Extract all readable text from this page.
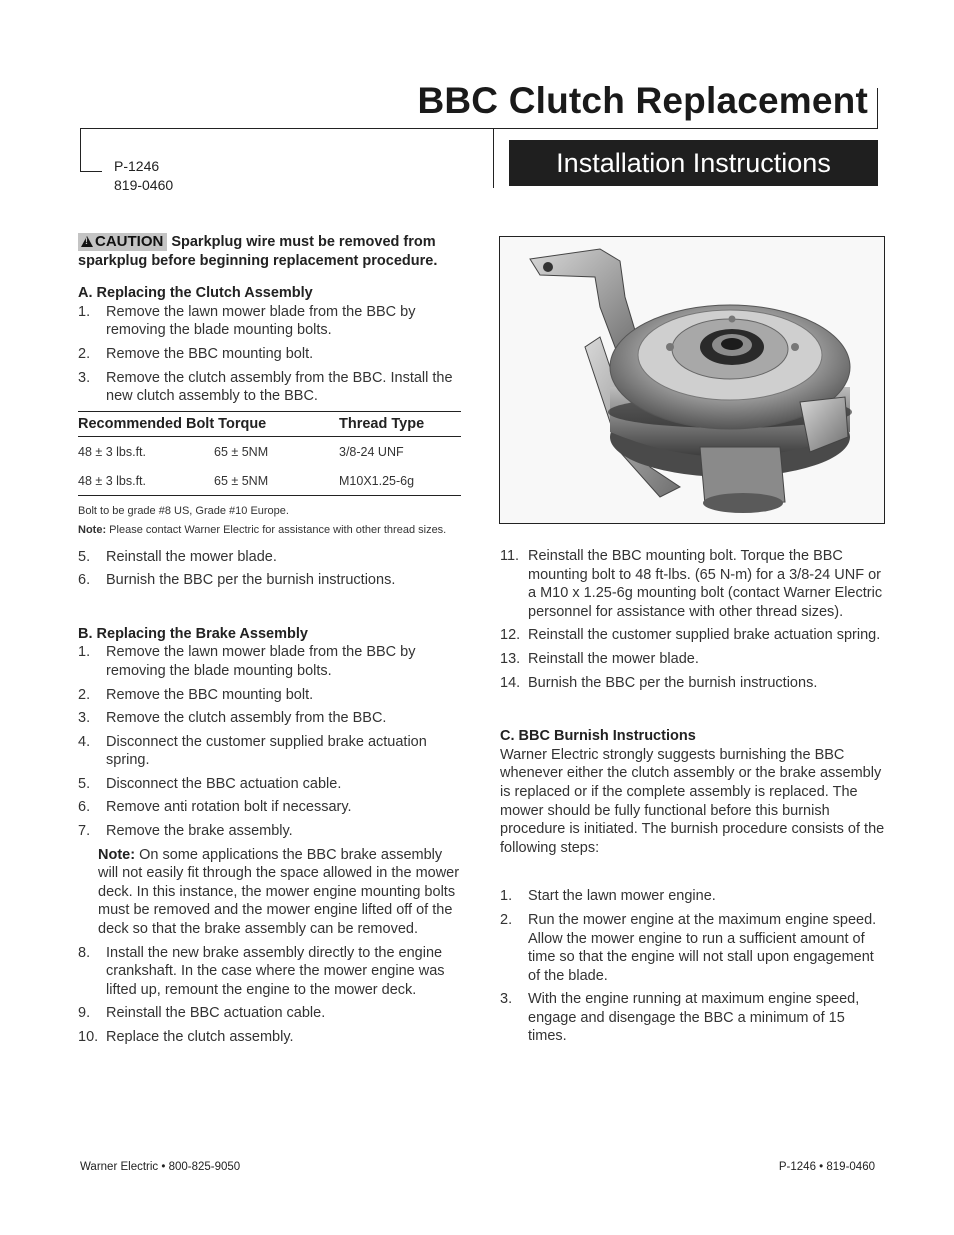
BBC Clutch Replacement
P-1246
819-0460
Installation Instructions
!CAUTION Sparkplug wire must be removed from sparkplug before beginning replacement procedure.
A. Replacing the Clutch Assembly
1. Remove the lawn mower blade from the BBC by removing the blade mounting bolts.
2. Remove the BBC mounting bolt.
3. Remove the clutch assembly from the BBC. Install the new clutch assembly to the BBC.
Recommended Bolt Torque		Thread Type
48 ± 3 lbs.ft.	65 ± 5NM	3/8-24 UNF
48 ± 3 lbs.ft.	65 ± 5NM	M10X1.25-6g
Bolt to be grade #8 US, Grade #10 Europe.
Note: Please contact Warner Electric for assistance with other thread sizes.
5. Reinstall the mower blade.
6. Burnish the BBC per the burnish instructions.
B. Replacing the Brake Assembly
1. Remove the lawn mower blade from the BBC by removing the blade mounting bolts.
2. Remove the BBC mounting bolt.
3. Remove the clutch assembly from the BBC.
4. Disconnect the customer supplied brake actuation spring.
5. Disconnect the BBC actuation cable.
6. Remove anti rotation bolt if necessary.
7. Remove the brake assembly.
Note: On some applications the BBC brake assembly will not easily fit through the space allowed in the mower deck. In this instance, the mower engine mounting bolts must be removed and the mower engine lifted off of the deck so that the brake assembly can be removed.
8. Install the new brake assembly directly to the engine crankshaft. In the case where the mower engine was lifted up, remount the engine to the mower deck.
9. Reinstall the BBC actuation cable.
10. Replace the clutch assembly.
11. Reinstall the BBC mounting bolt. Torque the BBC mounting bolt to 48 ft-lbs. (65 N-m) for a 3/8-24 UNF or a M10 x 1.25-6g mounting bolt (contact Warner Electric personnel for assistance with other thread sizes).
12. Reinstall the customer supplied brake actuation spring.
13. Reinstall the mower blade.
14. Burnish the BBC per the burnish instructions.
C. BBC Burnish Instructions
Warner Electric strongly suggests burnishing the BBC whenever either the clutch assembly or the brake assembly is replaced or if the complete assembly is replaced. The mower should be fully functional before this burnish procedure is initiated. The burnish procedure consists of the following steps:
1. Start the lawn mower engine.
2. Run the mower engine at the maximum engine speed. Allow the mower engine to run a sufficient amount of time so that the engine will not stall upon engagement of the blade.
3. With the engine running at maximum engine speed, engage and disengage the BBC a minimum of 15 times.
Warner Electric • 800-825-9050	P-1246 • 819-0460
